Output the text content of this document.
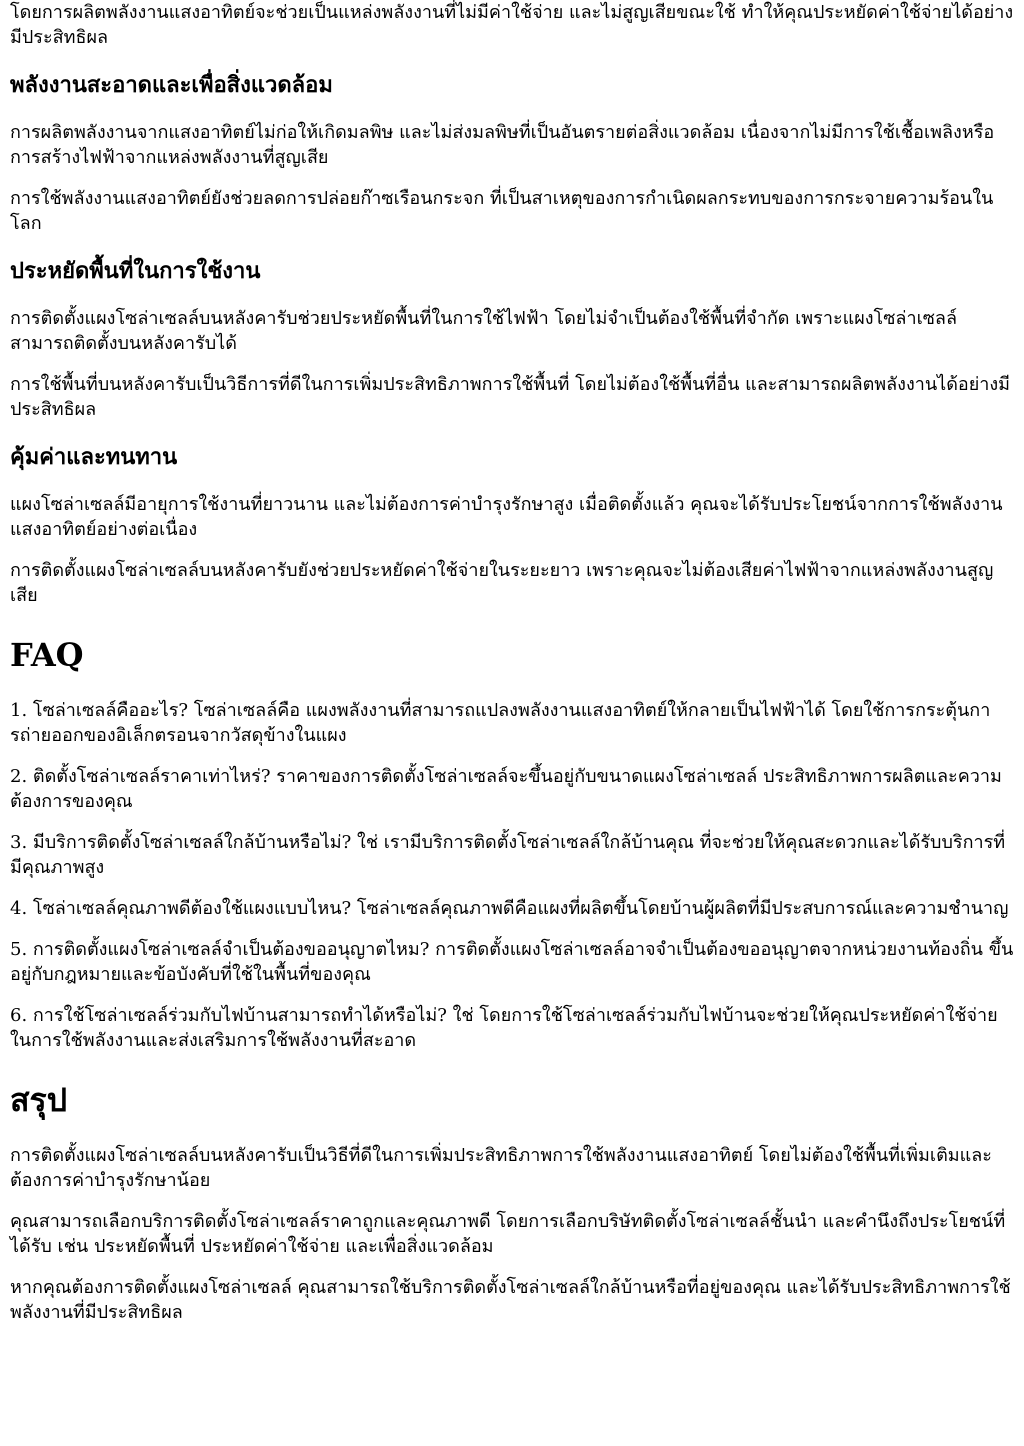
โดยการผลิตพลังงานแสงอาทิตย์จะช่วยเป็นแหล่งพลังงานที่ไม่มีค่าใช้จ่าย และไม่สูญเสียขณะใช้ ทำให้คุณประหยัดค่าใช้จ่ายได้อย่างมีประสิทธิผล

พลังงานสะอาดและเพื่อสิ่งแวดล้อม

การผลิตพลังงานจากแสงอาทิตย์ไม่ก่อให้เกิดมลพิษ และไม่ส่งมลพิษที่เป็นอันตรายต่อสิ่งแวดล้อม เนื่องจากไม่มีการใช้เชื้อเพลิงหรือการสร้างไฟฟ้าจากแหล่งพลังงานที่สูญเสีย

การใช้พลังงานแสงอาทิตย์ยังช่วยลดการปล่อยก๊าซเรือนกระจก ที่เป็นสาเหตุของการกำเนิดผลกระทบของการกระจายความร้อนในโลก

ประหยัดพื้นที่ในการใช้งาน

การติดตั้งแผงโซล่าเซลล์บนหลังคารับช่วยประหยัดพื้นที่ในการใช้ไฟฟ้า โดยไม่จำเป็นต้องใช้พื้นที่จำกัด เพราะแผงโซล่าเซลล์สามารถติดตั้งบนหลังคารับได้

การใช้พื้นที่บนหลังคารับเป็นวิธีการที่ดีในการเพิ่มประสิทธิภาพการใช้พื้นที่ โดยไม่ต้องใช้พื้นที่อื่น และสามารถผลิตพลังงานได้อย่างมีประสิทธิผล

คุ้มค่าและทนทาน

แผงโซล่าเซลล์มีอายุการใช้งานที่ยาวนาน และไม่ต้องการค่าบำรุงรักษาสูง เมื่อติดตั้งแล้ว คุณจะได้รับประโยชน์จากการใช้พลังงานแสงอาทิตย์อย่างต่อเนื่อง

การติดตั้งแผงโซล่าเซลล์บนหลังคารับยังช่วยประหยัดค่าใช้จ่ายในระยะยาว เพราะคุณจะไม่ต้องเสียค่าไฟฟ้าจากแหล่งพลังงานสูญเสีย

FAQ

1. โซล่าเซลล์คืออะไร? โซล่าเซลล์คือ แผงพลังงานที่สามารถแปลงพลังงานแสงอาทิตย์ให้กลายเป็นไฟฟ้าได้ โดยใช้การกระตุ้นการถ่ายออกของอิเล็กตรอนจากวัสดุข้างในแผง

2. ติดตั้งโซล่าเซลล์ราคาเท่าไหร่? ราคาของการติดตั้งโซล่าเซลล์จะขึ้นอยู่กับขนาดแผงโซล่าเซลล์ ประสิทธิภาพการผลิตและความต้องการของคุณ

3. มีบริการติดตั้งโซล่าเซลล์ใกล้บ้านหรือไม่? ใช่ เรามีบริการติดตั้งโซล่าเซลล์ใกล้บ้านคุณ ที่จะช่วยให้คุณสะดวกและได้รับบริการที่มีคุณภาพสูง

4. โซล่าเซลล์คุณภาพดีต้องใช้แผงแบบไหน? โซล่าเซลล์คุณภาพดีคือแผงที่ผลิตขึ้นโดยบ้านผู้ผลิตที่มีประสบการณ์และความชำนาญ

5. การติดตั้งแผงโซล่าเซลล์จำเป็นต้องขออนุญาตไหม? การติดตั้งแผงโซล่าเซลล์อาจจำเป็นต้องขออนุญาตจากหน่วยงานท้องถิ่น ขึ้นอยู่กับกฎหมายและข้อบังคับที่ใช้ในพื้นที่ของคุณ

6. การใช้โซล่าเซลล์ร่วมกับไฟบ้านสามารถทำได้หรือไม่? ใช่ โดยการใช้โซล่าเซลล์ร่วมกับไฟบ้านจะช่วยให้คุณประหยัดค่าใช้จ่ายในการใช้พลังงานและส่งเสริมการใช้พลังงานที่สะอาด

สรุป

การติดตั้งแผงโซล่าเซลล์บนหลังคารับเป็นวิธีที่ดีในการเพิ่มประสิทธิภาพการใช้พลังงานแสงอาทิตย์ โดยไม่ต้องใช้พื้นที่เพิ่มเติมและต้องการค่าบำรุงรักษาน้อย

คุณสามารถเลือกบริการติดตั้งโซล่าเซลล์ราคาถูกและคุณภาพดี โดยการเลือกบริษัทติดตั้งโซล่าเซลล์ชั้นนำ และคำนึงถึงประโยชน์ที่ได้รับ เช่น ประหยัดพื้นที่ ประหยัดค่าใช้จ่าย และเพื่อสิ่งแวดล้อม

หากคุณต้องการติดตั้งแผงโซล่าเซลล์ คุณสามารถใช้บริการติดตั้งโซล่าเซลล์ใกล้บ้านหรือที่อยู่ของคุณ และได้รับประสิทธิภาพการใช้พลังงานที่มีประสิทธิผล
